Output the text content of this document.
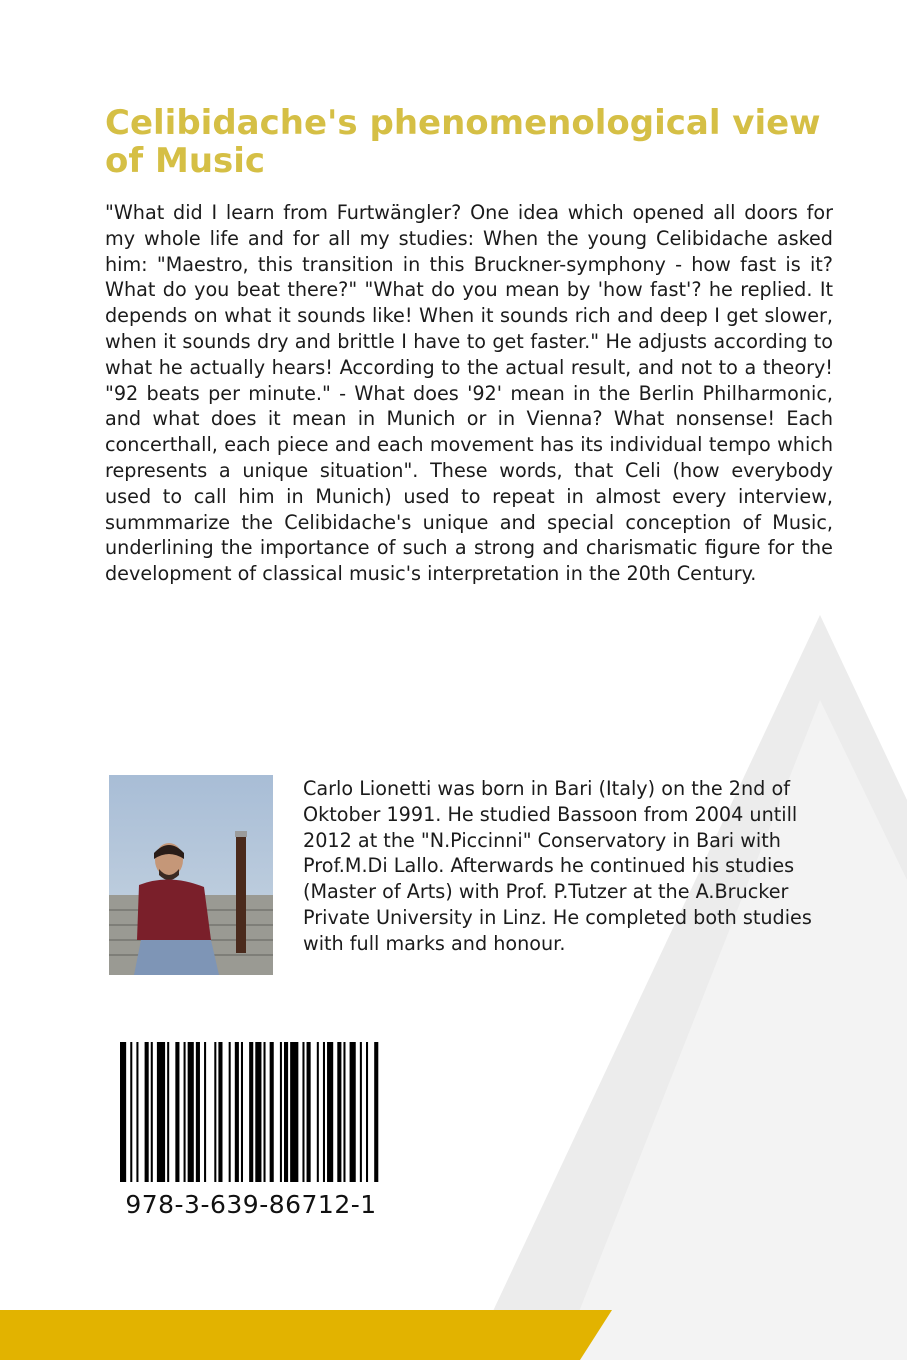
Celibidache's phenomenological view of Music

"What did I learn from Furtwängler? One idea which opened all doors for my whole life and for all my studies: When the young Celibidache asked him: "Maestro, this transition in this Bruckner-symphony - how fast is it? What do you beat there?" "What do you mean by 'how fast'? he replied. It depends on what it sounds like! When it sounds rich and deep I get slower, when it sounds dry and brittle I have to get faster." He adjusts according to what he actually hears! According to the actual result, and not to a theory! "92 beats per minute." - What does '92' mean in the Berlin Philharmonic, and what does it mean in Munich or in Vienna? What nonsense! Each concerthall, each piece and each movement has its individual tempo which represents a unique situation". These words, that Celi (how everybody used to call him in Munich) used to repeat in almost every interview, summmarize the Celibidache's unique and special conception of Music, underlining the importance of such a strong and charismatic figure for the development of classical music's interpretation in the 20th Century.

Carlo Lionetti was born in Bari (Italy) on the 2nd of Oktober 1991. He studied Bassoon from 2004 untill 2012 at the "N.Piccinni" Conservatory in Bari with Prof.M.Di Lallo. Afterwards he continued his studies (Master of Arts) with Prof. P.Tutzer at the A.Brucker Private University in Linz. He completed both studies with full marks and honour.

978-3-639-86712-1
